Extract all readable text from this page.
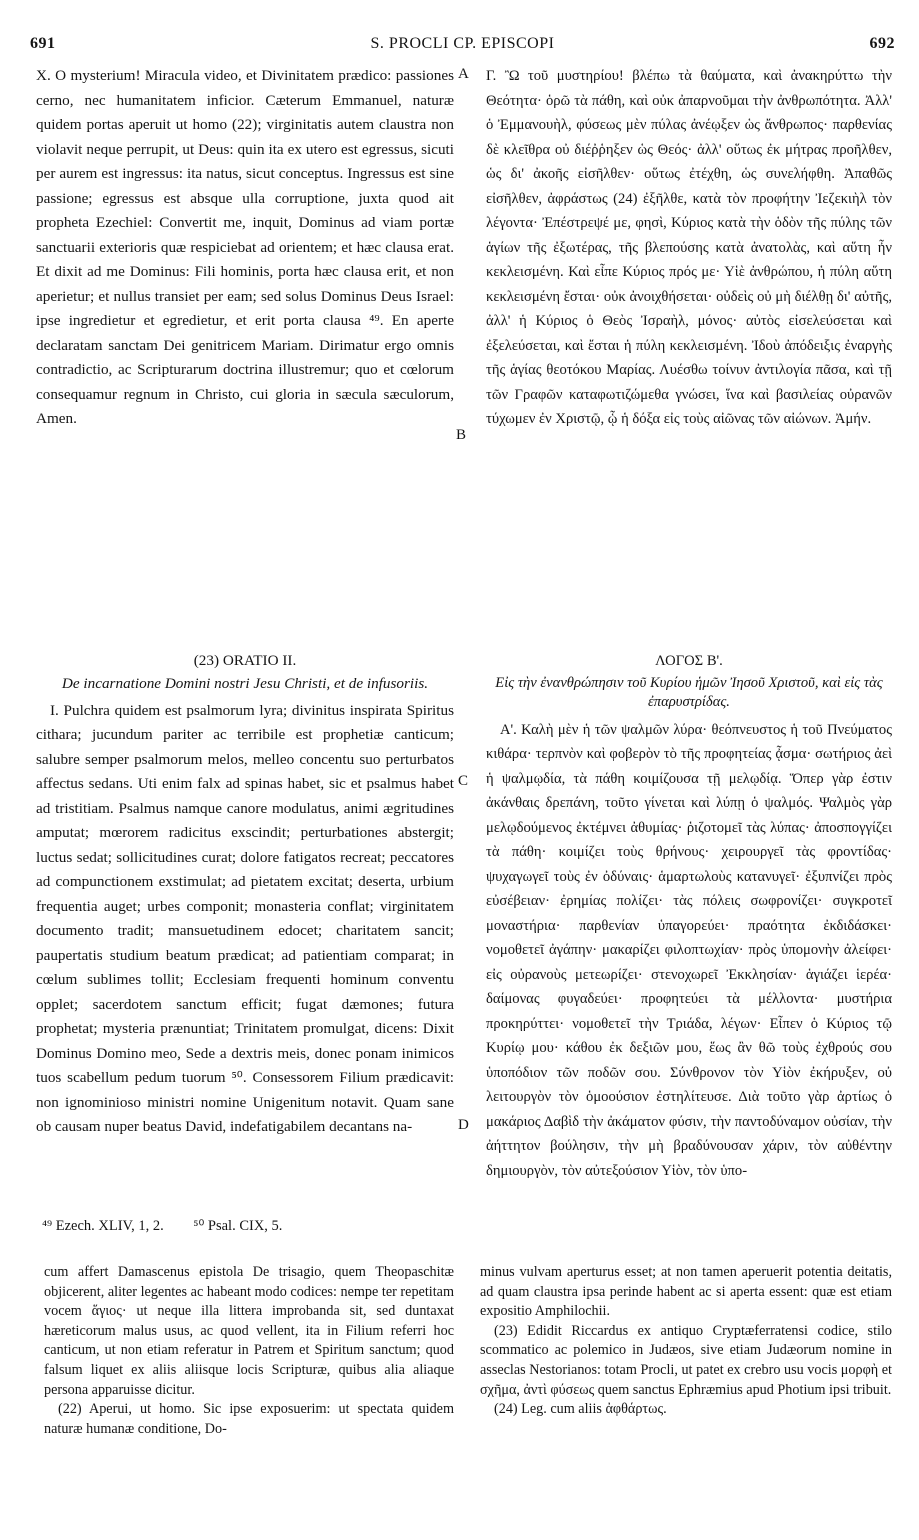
691	S. PROCLI CP. EPISCOPI	692

X. O mysterium! Miracula video, et Divinitatem prædico: passiones cerno, nec humanitatem inficior. Cæterum Emmanuel, naturæ quidem portas aperuit ut homo (22); virginitatis autem claustra non violavit neque perrupit, ut Deus: quin ita ex utero est egressus, sicuti per aurem est ingressus: ita natus, sicut conceptus. Ingressus est sine passione; egressus est absque ulla corruptione, juxta quod ait propheta Ezechiel: Convertit me, inquit, Dominus ad viam portæ sanctuarii exterioris quæ respiciebat ad orientem; et hæc clausa erat. Et dixit ad me Dominus: Fili hominis, porta hæc clausa erit, et non aperietur; et nullus transiet per eam; sed solus Dominus Deus Israel: ipse ingredietur et egredietur, et erit porta clausa ⁴⁹. En aperte declaratam sanctam Dei genitricem Mariam. Dirimatur ergo omnis contradictio, ac Scripturarum doctrina illustremur; quo et cœlorum consequamur regnum in Christo, cui gloria in sæcula sæculorum, Amen.

Γ. Ὢ τοῦ μυστηρίου! βλέπω τὰ θαύματα, καὶ ἀνακηρύττω τὴν Θεότητα· ὁρῶ τὰ πάθη, καὶ οὐκ ἀπαρνοῦμαι τὴν ἀνθρωπότητα. Ἀλλ' ὁ Ἐμμανουὴλ, φύσεως μὲν πύλας ἀνέῳξεν ὡς ἄνθρωπος· παρθενίας δὲ κλεῖθρα οὐ διέῤῥηξεν ὡς Θεός· ἀλλ' οὕτως ἐκ μήτρας προῆλθεν, ὡς δι' ἀκοῆς εἰσῆλθεν· οὕτως ἐτέχθη, ὡς συνελήφθη. Ἀπαθῶς εἰσῆλθεν, ἀφράστως (24) ἐξῆλθε, κατὰ τὸν προφήτην Ἰεζεκιὴλ τὸν λέγοντα· Ἐπέστρεψέ με, φησὶ, Κύριος κατὰ τὴν ὁδὸν τῆς πύλης τῶν ἁγίων τῆς ἐξωτέρας, τῆς βλεπούσης κατὰ ἀνατολὰς, καὶ αὕτη ἦν κεκλεισμένη. Καὶ εἶπε Κύριος πρός με· Υἱὲ ἀνθρώπου, ἡ πύλη αὕτη κεκλεισμένη ἔσται· οὐκ ἀνοιχθήσεται· οὐδεὶς οὐ μὴ διέλθῃ δι' αὐτῆς, ἀλλ' ἡ Κύριος ὁ Θεὸς Ἰσραὴλ, μόνος· αὐτὸς εἰσελεύσεται καὶ ἐξελεύσεται, καὶ ἔσται ἡ πύλη κεκλεισμένη. Ἰδοὺ ἀπόδειξις ἐναργὴς τῆς ἁγίας θεοτόκου Μαρίας. Λυέσθω τοίνυν ἀντιλογία πᾶσα, καὶ τῇ τῶν Γραφῶν καταφωτιζώμεθα γνώσει, ἵνα καὶ βασιλείας οὐρανῶν τύχωμεν ἐν Χριστῷ, ᾧ ἡ δόξα εἰς τοὺς αἰῶνας τῶν αἰώνων. Ἀμήν.

A
B
C
D

(23) ORATIO II.

De incarnatione Domini nostri Jesu Christi, et de infusoriis.

I. Pulchra quidem est psalmorum lyra; divinitus inspirata Spiritus cithara; jucundum pariter ac terribile est prophetiæ canticum; salubre semper psalmorum melos, melleo concentu suo perturbatos affectus sedans. Uti enim falx ad spinas habet, sic et psalmus habet ad tristitiam. Psalmus namque canore modulatus, animi ægritudines amputat; mœrorem radicitus exscindit; perturbationes abstergit; luctus sedat; sollicitudines curat; dolore fatigatos recreat; peccatores ad compunctionem exstimulat; ad pietatem excitat; deserta, urbium frequentia auget; urbes componit; monasteria conflat; virginitatem documento tradit; mansuetudinem edocet; charitatem sancit; paupertatis studium beatum prædicat; ad patientiam comparat; in cœlum sublimes tollit; Ecclesiam frequenti hominum conventu opplet; sacerdotem sanctum efficit; fugat dæmones; futura prophetat; mysteria prænuntiat; Trinitatem promulgat, dicens: Dixit Dominus Domino meo, Sede a dextris meis, donec ponam inimicos tuos scabellum pedum tuorum ⁵⁰. Consessorem Filium prædicavit: non ignominioso ministri nomine Unigenitum notavit. Quam sane ob causam nuper beatus David, indefatigabilem decantans na-

ΛΟΓΟΣ Β'.

Εἰς τὴν ἐνανθρώπησιν τοῦ Κυρίου ἡμῶν Ἰησοῦ Χριστοῦ, καὶ εἰς τὰς ἐπαρυστρίδας.

Α'. Καλὴ μὲν ἡ τῶν ψαλμῶν λύρα· θεόπνευστος ἡ τοῦ Πνεύματος κιθάρα· τερπνὸν καὶ φοβερὸν τὸ τῆς προφητείας ᾆσμα· σωτήριος ἀεὶ ἡ ψαλμῳδία, τὰ πάθη κοιμίζουσα τῇ μελῳδίᾳ. Ὅπερ γὰρ ἐστιν ἀκάνθαις δρεπάνη, τοῦτο γίνεται καὶ λύπῃ ὁ ψαλμός. Ψαλμὸς γὰρ μελῳδούμενος ἐκτέμνει ἀθυμίας· ῥιζοτομεῖ τὰς λύπας· ἀποσπογγίζει τὰ πάθη· κοιμίζει τοὺς θρήνους· χειρουργεῖ τὰς φροντίδας· ψυχαγωγεῖ τοὺς ἐν ὀδύναις· ἁμαρτωλοὺς κατανυγεῖ· ἐξυπνίζει πρὸς εὐσέβειαν· ἐρημίας πολίζει· τὰς πόλεις σωφρονίζει· συγκροτεῖ μοναστήρια· παρθενίαν ὑπαγορεύει· πραότητα ἐκδιδάσκει· νομοθετεῖ ἀγάπην· μακαρίζει φιλοπτωχίαν· πρὸς ὑπομονὴν ἀλείφει· εἰς οὐρανοὺς μετεωρίζει· στενοχωρεῖ Ἐκκλησίαν· ἁγιάζει ἱερέα· δαίμονας φυγαδεύει· προφητεύει τὰ μέλλοντα· μυστήρια προκηρύττει· νομοθετεῖ τὴν Τριάδα, λέγων· Εἶπεν ὁ Κύριος τῷ Κυρίῳ μου· κάθου ἐκ δεξιῶν μου, ἕως ἂν θῶ τοὺς ἐχθρούς σου ὑποπόδιον τῶν ποδῶν σου. Σύνθρονον τὸν Υἱὸν ἐκήρυξεν, οὐ λειτουργὸν τὸν ὁμοούσιον ἐστηλίτευσε. Διὰ τοῦτο γὰρ ἀρτίως ὁ μακάριος Δαβὶδ τὴν ἀκάματον φύσιν, τὴν παντοδύναμον οὐσίαν, τὴν ἀήττητον βούλησιν, τὴν μὴ βραδύνουσαν χάριν, τὸν αὐθέντην δημιουργὸν, τὸν αὐτεξούσιον Υἱὸν, τὸν ὑπο-

⁴⁹ Ezech. XLIV, 1, 2. ⁵⁰ Psal. CIX, 5.

cum affert Damascenus epistola De trisagio, quem Theopaschitæ objicerent, aliter legentes ac habeant modo codices: nempe ter repetitam vocem ἅγιος· ut neque illa littera improbanda sit, sed duntaxat hæreticorum malus usus, ac quod vellent, ita in Filium referri hoc canticum, ut non etiam referatur in Patrem et Spiritum sanctum; quod falsum liquet ex aliis aliisque locis Scripturæ, quibus alia aliaque persona apparuisse dicitur.

(22) Aperui, ut homo. Sic ipse exposuerim: ut spectata quidem naturæ humanæ conditione, Do-

minus vulvam aperturus esset; at non tamen aperuerit potentia deitatis, ad quam claustra ipsa perinde habent ac si aperta essent: quæ est etiam expositio Amphilochii.

(23) Edidit Riccardus ex antiquo Cryptæferratensi codice, stilo scommatico ac polemico in Judæos, sive etiam Judæorum nomine in asseclas Nestorianos: totam Procli, ut patet ex crebro usu vocis μορφὴ et σχῆμα, ἀντὶ φύσεως quem sanctus Ephræmius apud Photium ipsi tribuit.

(24) Leg. cum aliis ἀφθάρτως.
